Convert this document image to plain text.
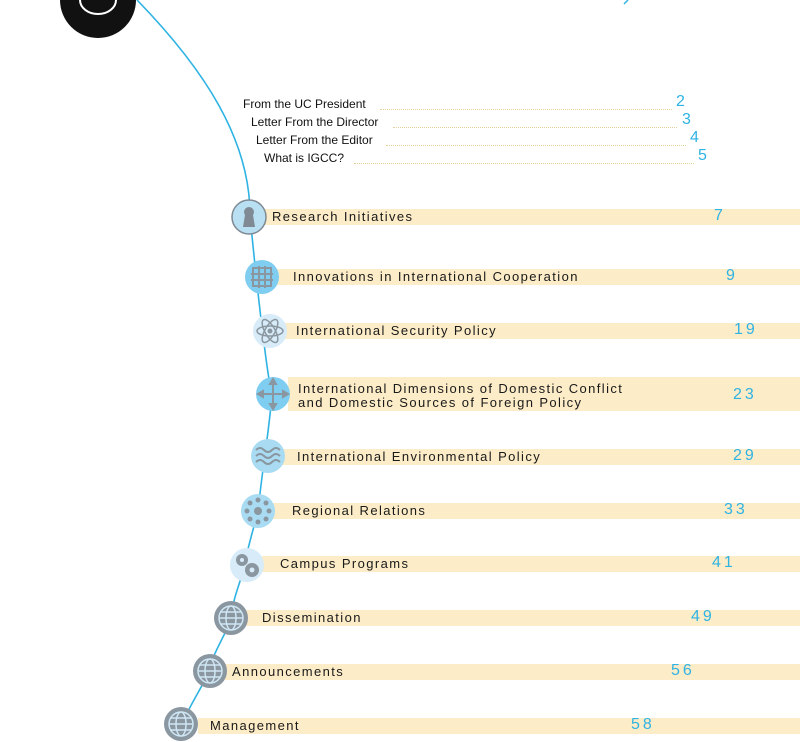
From the UC President	2
Letter From the Director	3
Letter From the Editor	4
What is IGCC?	5
Research Initiatives	7
Innovations in International Cooperation	9
International Security Policy	19
International Dimensions of Domestic Conflict
and Domestic Sources of Foreign Policy	23
International Environmental Policy	29
Regional Relations	33
Campus Programs	41
Dissemination	49
Announcements	56
Management	58
